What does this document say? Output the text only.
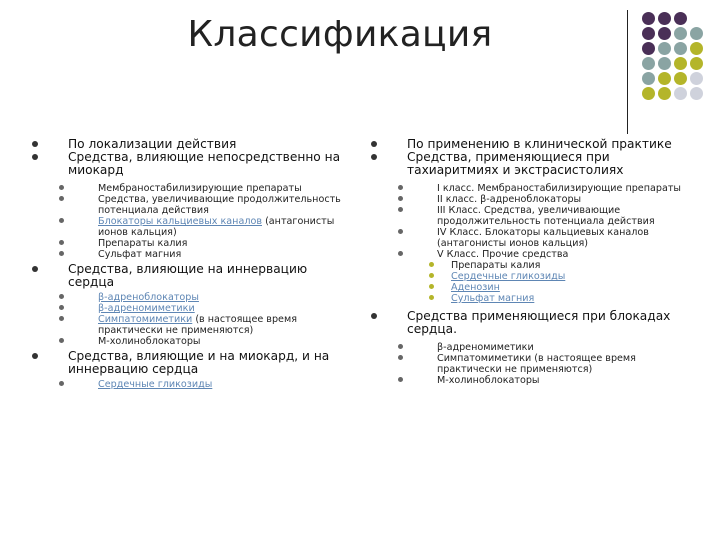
Классификация
По локализации действия
Средства, влияющие непосредственно на миокард
Мембраностабилизирующие препараты
Средства, увеличивающие продолжительность потенциала действия
Блокаторы кальциевых каналов (антагонисты ионов кальция)
Препараты калия
Сульфат магния
Средства, влияющие на иннервацию сердца
β-адреноблокаторы
β-адреномиметики
Симпатомиметики (в настоящее время практически не применяются)
М-холиноблокаторы
Средства, влияющие и на миокард, и на иннервацию сердца
Сердечные гликозиды
По применению в клинической практике
Средства, применяющиеся при тахиаритмиях и экстрасистолиях
I класс. Мембраностабилизирующие препараты
II класс. β-адреноблокаторы
III Класс. Средства, увеличивающие продолжительность потенциала действия
IV Класс. Блокаторы кальциевых каналов (антагонисты ионов кальция)
V Класс. Прочие средства
Препараты калия
Сердечные гликозиды
Аденозин
Сульфат магния
Средства применяющиеся при блокадах сердца.
β-адреномиметики
Симпатомиметики (в настоящее время практически не применяются)
М-холиноблокаторы
